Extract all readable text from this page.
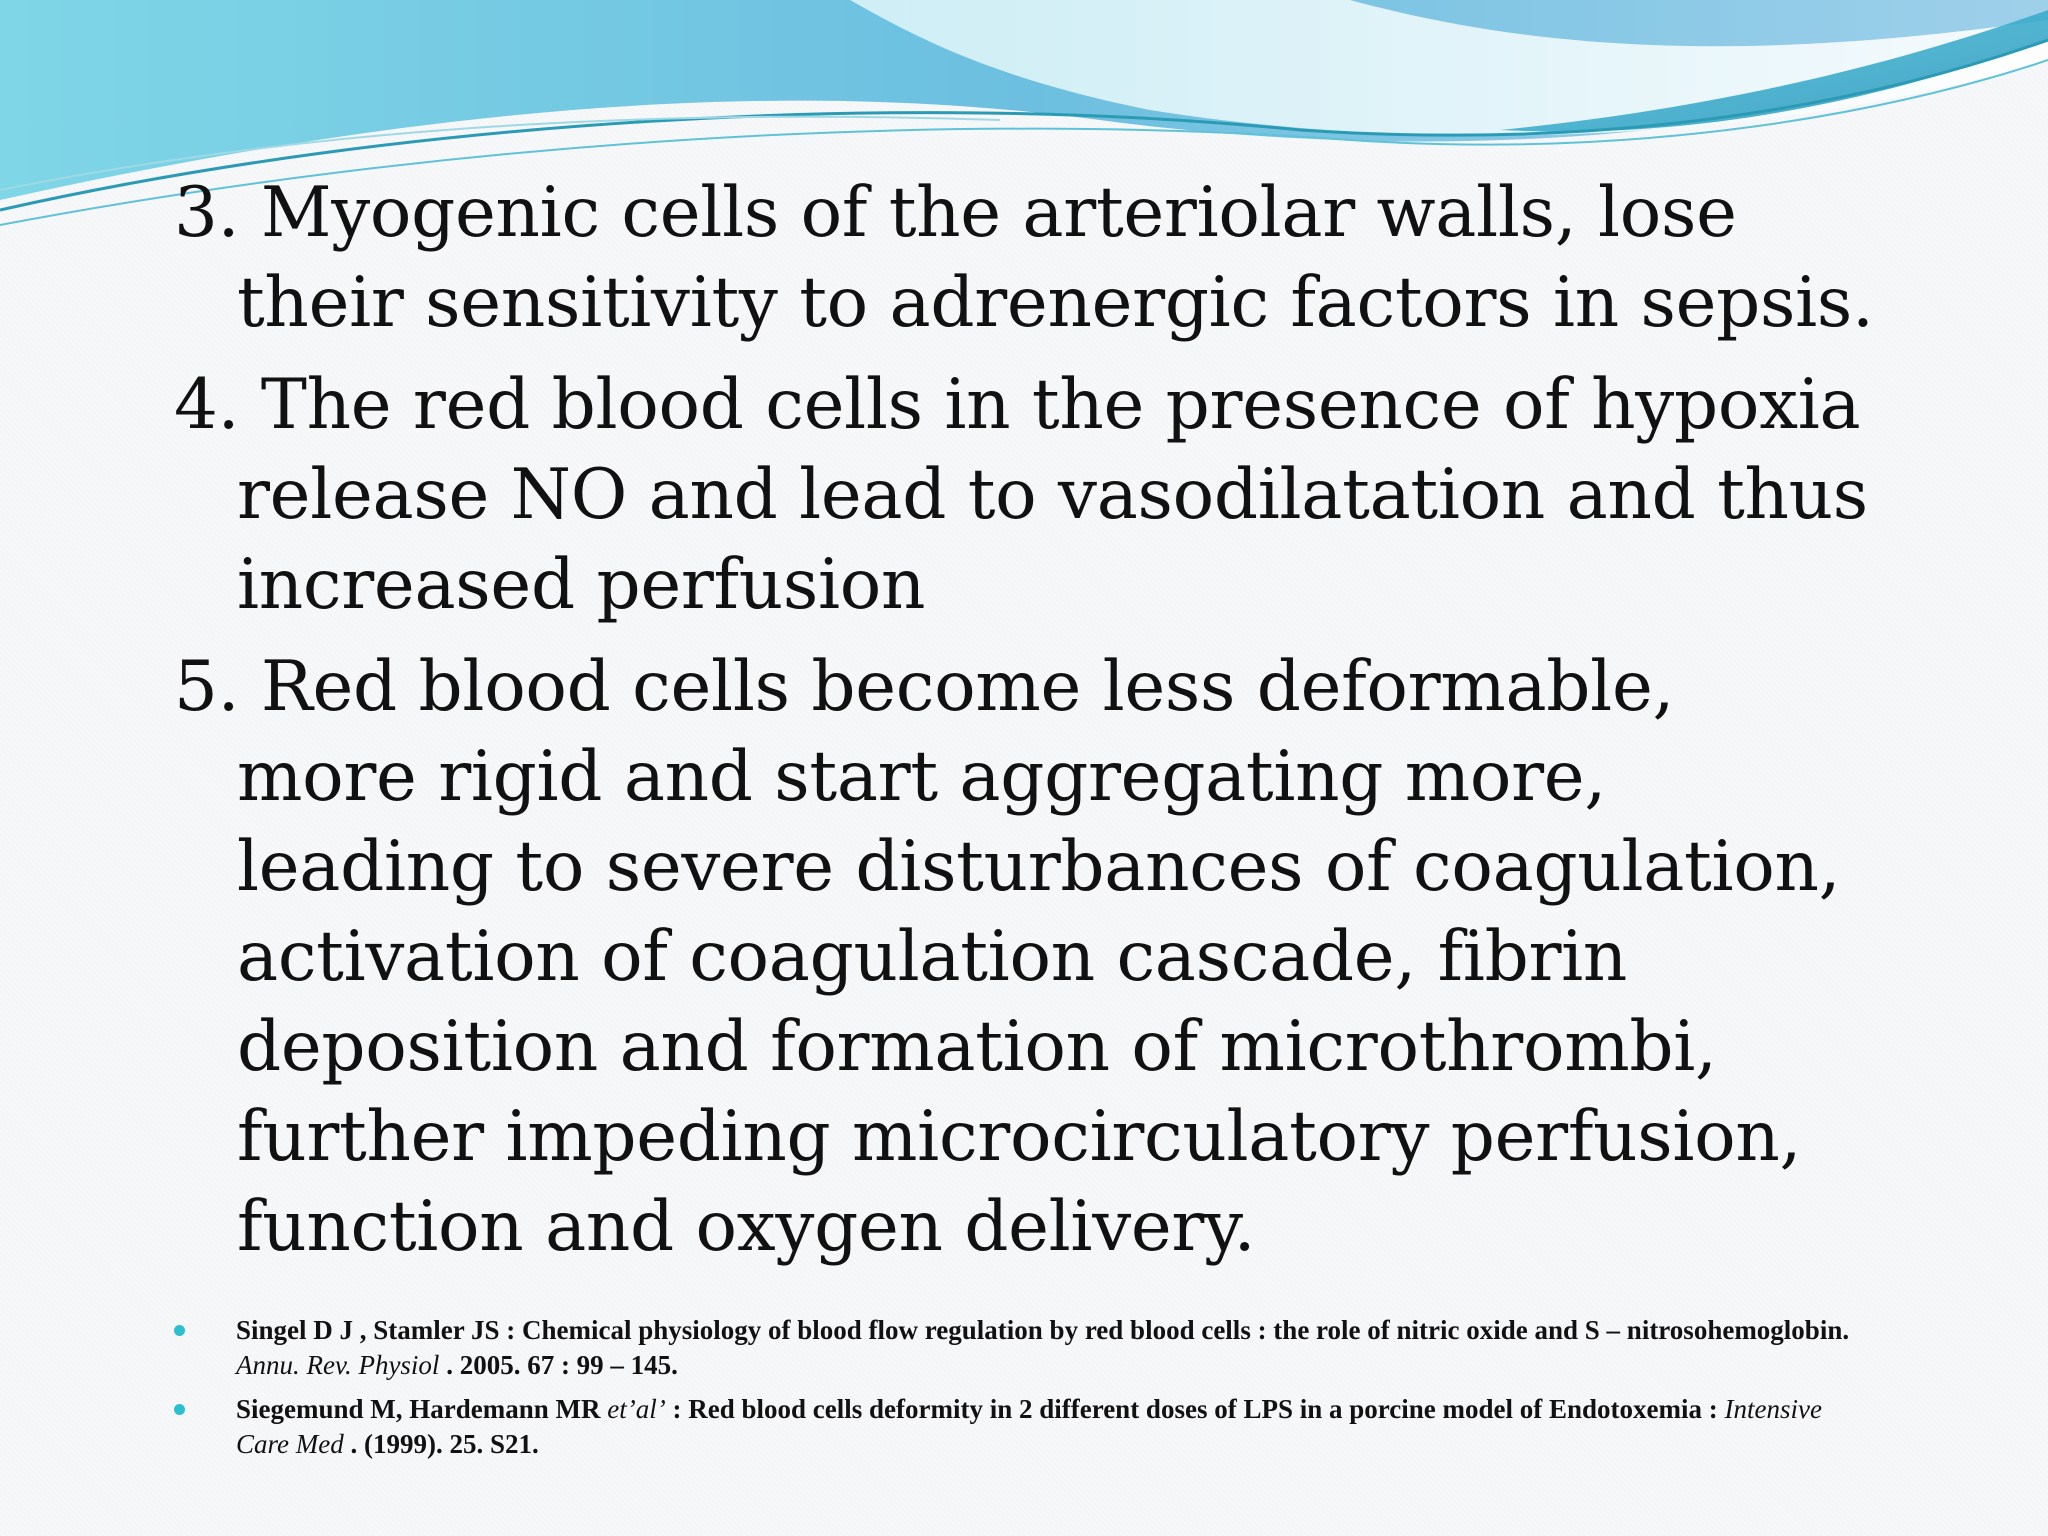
3. Myogenic cells of the arteriolar walls, lose their sensitivity to adrenergic factors in sepsis.
4. The red blood cells in the presence of hypoxia release NO and lead to vasodilatation and thus increased perfusion
5. Red blood cells become less deformable, more rigid and start aggregating more, leading to severe disturbances of coagulation, activation of coagulation cascade, fibrin deposition and formation of microthrombi, further impeding microcirculatory perfusion, function and oxygen delivery.
Singel D J , Stamler JS : Chemical physiology of blood flow regulation by red blood cells : the role of nitric oxide and S – nitrosohemoglobin. Annu. Rev. Physiol . 2005. 67 : 99 – 145.
Siegemund M, Hardemann MR et’al’ : Red blood cells deformity in 2 different doses of LPS in a porcine model of Endotoxemia : Intensive Care Med . (1999). 25. S21.
